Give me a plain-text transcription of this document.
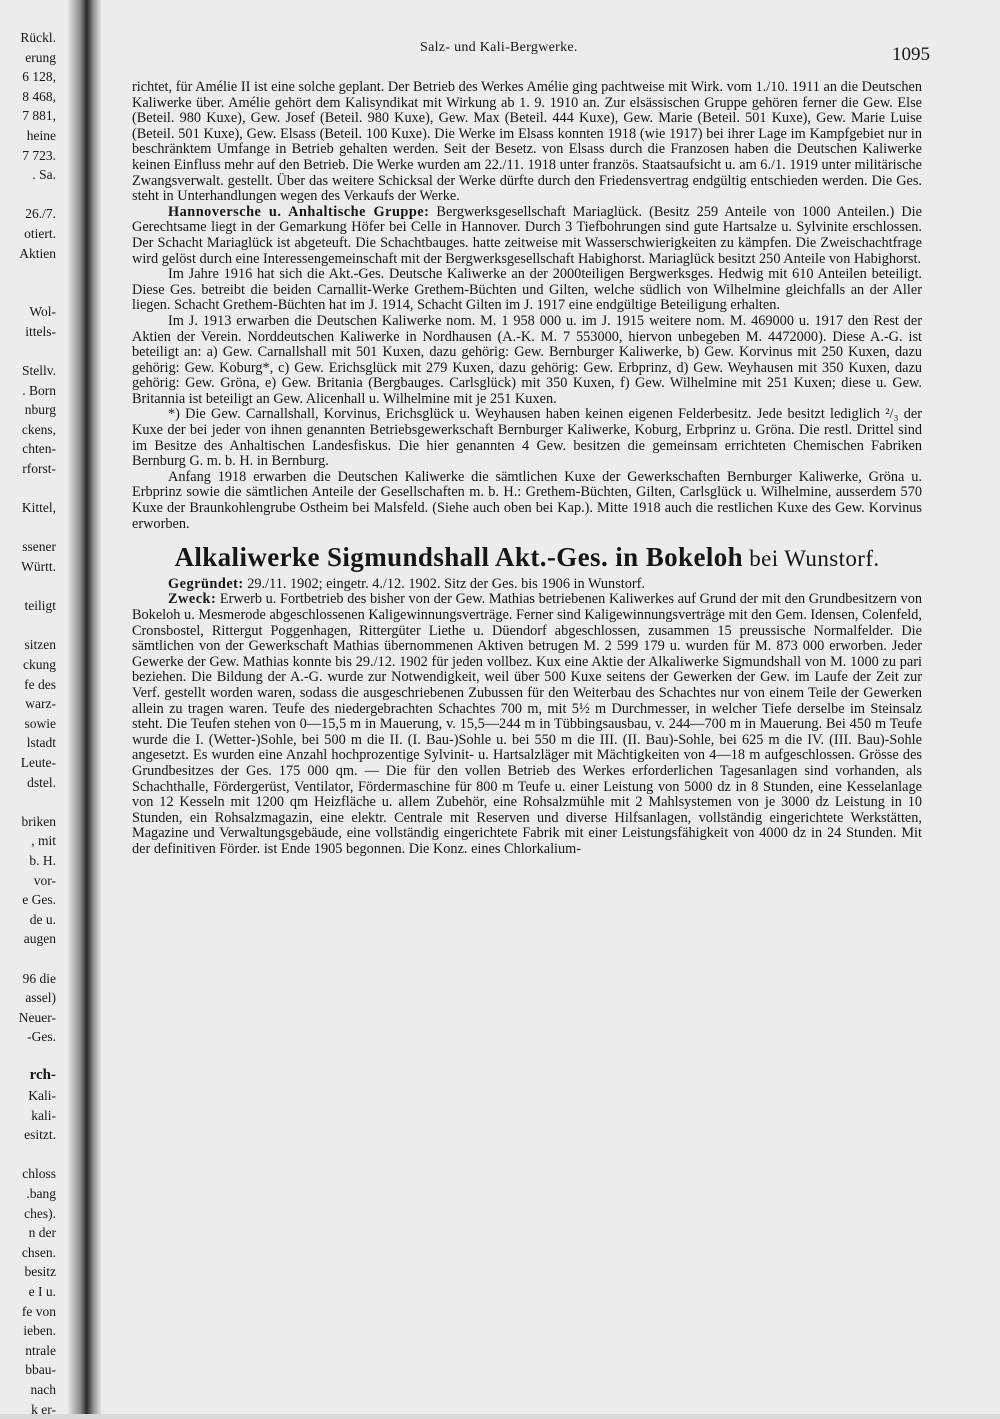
Rückl.
erung
6 128,
8 468,
7 881,
heine
7 723.
. Sa.
26./7.
otiert.
Aktien
Wol-
ittels-
Stellv.
. Born
nburg
ckens,
chten-
rforst-
Kittel,
ssener
Württ.
teiligt
sitzen
ckung
fe des
warz-
sowie
lstadt
Leute-
dstel.
briken
, mit
b. H.
vor-
e Ges.
de u.
augen
96 die
assel)
Neuer-
-Ges.
rch-
Kali-
kali-
esitzt.
chloss
.bang
ches).
n der
chsen.
besitz
e I u.
fe von
ieben.
ntrale
bbau-
nach
k er-
Salz- und Kali-Bergwerke.	1095

richtet, für Amélie II ist eine solche geplant. Der Betrieb des Werkes Amélie ging pachtweise mit Wirk. vom 1./10. 1911 an die Deutschen Kaliwerke über. Amélie gehört dem Kalisyndikat mit Wirkung ab 1. 9. 1910 an. Zur elsässischen Gruppe gehören ferner die Gew. Else (Beteil. 980 Kuxe), Gew. Josef (Beteil. 980 Kuxe), Gew. Max (Beteil. 444 Kuxe), Gew. Marie (Beteil. 501 Kuxe), Gew. Marie Luise (Beteil. 501 Kuxe), Gew. Elsass (Beteil. 100 Kuxe). Die Werke im Elsass konnten 1918 (wie 1917) bei ihrer Lage im Kampfgebiet nur in beschränktem Umfange in Betrieb gehalten werden. Seit der Besetz. von Elsass durch die Franzosen haben die Deutschen Kaliwerke keinen Einfluss mehr auf den Betrieb. Die Werke wurden am 22./11. 1918 unter französ. Staatsaufsicht u. am 6./1. 1919 unter militärische Zwangsverwalt. gestellt. Über das weitere Schicksal der Werke dürfte durch den Friedensvertrag endgültig entschieden werden. Die Ges. steht in Unterhandlungen wegen des Verkaufs der Werke.

Hannoversche u. Anhaltische Gruppe: Bergwerksgesellschaft Mariaglück. (Besitz 259 Anteile von 1000 Anteilen.) Die Gerechtsame liegt in der Gemarkung Höfer bei Celle in Hannover. Durch 3 Tiefbohrungen sind gute Hartsalze u. Sylvinite erschlossen. Der Schacht Mariaglück ist abgeteuft. Die Schachtbauges. hatte zeitweise mit Wasserschwierigkeiten zu kämpfen. Die Zweischachtfrage wird gelöst durch eine Interessengemeinschaft mit der Bergwerksgesellschaft Habighorst. Mariaglück besitzt 250 Anteile von Habighorst.

Im Jahre 1916 hat sich die Akt.-Ges. Deutsche Kaliwerke an der 2000teiligen Bergwerksges. Hedwig mit 610 Anteilen beteiligt. Diese Ges. betreibt die beiden Carnallit-Werke Grethem-Büchten und Gilten, welche südlich von Wilhelmine gleichfalls an der Aller liegen. Schacht Grethem-Büchten hat im J. 1914, Schacht Gilten im J. 1917 eine endgültige Beteiligung erhalten.

Im J. 1913 erwarben die Deutschen Kaliwerke nom. M. 1 958 000 u. im J. 1915 weitere nom. M. 469000 u. 1917 den Rest der Aktien der Verein. Norddeutschen Kaliwerke in Nordhausen (A.-K. M. 7 553000, hiervon unbegeben M. 4472000). Diese A.-G. ist beteiligt an: a) Gew. Carnallshall mit 501 Kuxen, dazu gehörig: Gew. Bernburger Kaliwerke, b) Gew. Korvinus mit 250 Kuxen, dazu gehörig: Gew. Koburg*, c) Gew. Erichsglück mit 279 Kuxen, dazu gehörig: Gew. Erbprinz, d) Gew. Weyhausen mit 350 Kuxen, dazu gehörig: Gew. Gröna, e) Gew. Britania (Bergbauges. Carlsglück) mit 350 Kuxen, f) Gew. Wilhelmine mit 251 Kuxen; diese u. Gew. Britannia ist beteiligt an Gew. Alicenhall u. Wilhelmine mit je 251 Kuxen.

*) Die Gew. Carnallshall, Korvinus, Erichsglück u. Weyhausen haben keinen eigenen Felderbesitz. Jede besitzt lediglich ²/₃ der Kuxe der bei jeder von ihnen genannten Betriebsgewerkschaft Bernburger Kaliwerke, Koburg, Erbprinz u. Gröna. Die restl. Drittel sind im Besitze des Anhaltischen Landesfiskus. Die hier genannten 4 Gew. besitzen die gemeinsam errichteten Chemischen Fabriken Bernburg G. m. b. H. in Bernburg.

Anfang 1918 erwarben die Deutschen Kaliwerke die sämtlichen Kuxe der Gewerkschaften Bernburger Kaliwerke, Gröna u. Erbprinz sowie die sämtlichen Anteile der Gesellschaften m. b. H.: Grethem-Büchten, Gilten, Carlsglück u. Wilhelmine, ausserdem 570 Kuxe der Braunkohlengrube Ostheim bei Malsfeld. (Siehe auch oben bei Kap.). Mitte 1918 auch die restlichen Kuxe des Gew. Korvinus erworben.

Alkaliwerke Sigmundshall Akt.-Ges. in Bokeloh bei Wunstorf.

Gegründet: 29./11. 1902; eingetr. 4./12. 1902. Sitz der Ges. bis 1906 in Wunstorf.

Zweck: Erwerb u. Fortbetrieb des bisher von der Gew. Mathias betriebenen Kaliwerkes auf Grund der mit den Grundbesitzern von Bokeloh u. Mesmerode abgeschlossenen Kaligewinnungsverträge. Ferner sind Kaligewinnungsverträge mit den Gem. Idensen, Colenfeld, Cronsbostel, Rittergut Poggenhagen, Rittergüter Liethe u. Düendorf abgeschlossen, zusammen 15 preussische Normalfelder. Die sämtlichen von der Gewerkschaft Mathias übernommenen Aktiven betrugen M. 2 599 179 u. wurden für M. 873 000 erworben. Jeder Gewerke der Gew. Mathias konnte bis 29./12. 1902 für jeden vollbez. Kux eine Aktie der Alkaliwerke Sigmundshall von M. 1000 zu pari beziehen. Die Bildung der A.-G. wurde zur Notwendigkeit, weil über 500 Kuxe seitens der Gewerken der Gew. im Laufe der Zeit zur Verf. gestellt worden waren, sodass die ausgeschriebenen Zubussen für den Weiterbau des Schachtes nur von einem Teile der Gewerken allein zu tragen waren. Teufe des niedergebrachten Schachtes 700 m, mit 5½ m Durchmesser, in welcher Tiefe derselbe im Steinsalz steht. Die Teufen stehen von 0—15,5 m in Mauerung, v. 15,5—244 m in Tübbingsausbau, v. 244—700 m in Mauerung. Bei 450 m Teufe wurde die I. (Wetter-)Sohle, bei 500 m die II. (I. Bau-)Sohle u. bei 550 m die III. (II. Bau)-Sohle, bei 625 m die IV. (III. Bau)-Sohle angesetzt. Es wurden eine Anzahl hochprozentige Sylvinit- u. Hartsalzläger mit Mächtigkeiten von 4—18 m aufgeschlossen. Grösse des Grundbesitzes der Ges. 175 000 qm. — Die für den vollen Betrieb des Werkes erforderlichen Tagesanlagen sind vorhanden, als Schachthalle, Fördergerüst, Ventilator, Fördermaschine für 800 m Teufe u. einer Leistung von 5000 dz in 8 Stunden, eine Kesselanlage von 12 Kesseln mit 1200 qm Heizfläche u. allem Zubehör, eine Rohsalzmühle mit 2 Mahlsystemen von je 3000 dz Leistung in 10 Stunden, ein Rohsalzmagazin, eine elektr. Centrale mit Reserven und diverse Hilfsanlagen, vollständig eingerichtete Werkstätten, Magazine und Verwaltungsgebäude, eine vollständig eingerichtete Fabrik mit einer Leistungsfähigkeit von 4000 dz in 24 Stunden. Mit der definitiven Förder. ist Ende 1905 begonnen. Die Konz. eines Chlorkalium-
